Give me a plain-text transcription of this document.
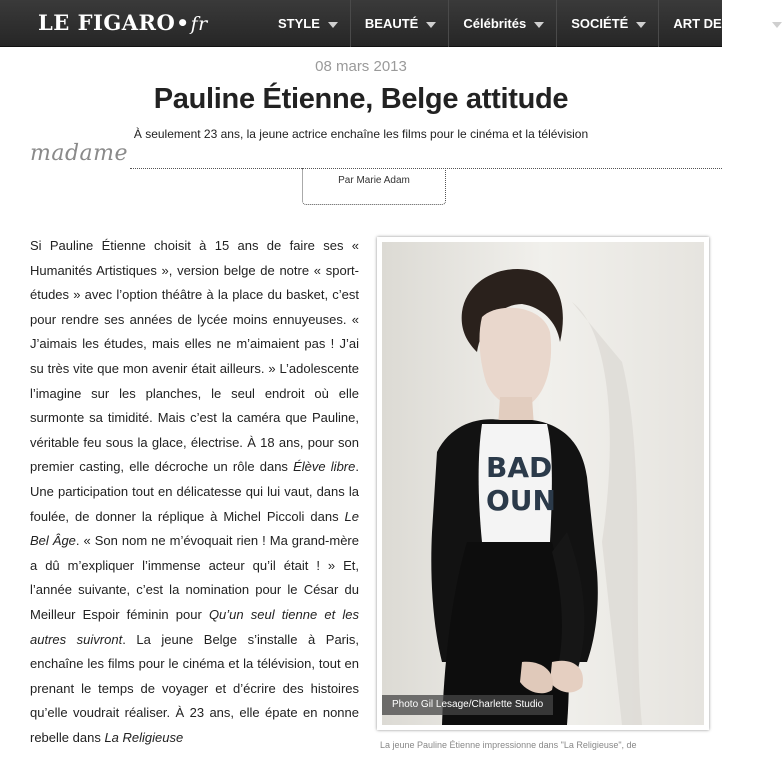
LE FIGARO•fr	STYLE	BEAUTÉ	Célébrités	SOCIÉTÉ	ART DE VIVRE
08 mars 2013
Pauline Étienne, Belge attitude
À seulement 23 ans, la jeune actrice enchaîne les films pour le cinéma et la télévision
madame
Par Marie Adam
Si Pauline Étienne choisit à 15 ans de faire ses « Humanités Artistiques », version belge de notre « sport-études » avec l’option théâtre à la place du basket, c’est pour rendre ses années de lycée moins ennuyeuses. « J’aimais les études, mais elles ne m’aimaient pas ! J’ai su très vite que mon avenir était ailleurs. » L’adolescente l’imagine sur les planches, le seul endroit où elle surmonte sa timidité. Mais c’est la caméra que Pauline, véritable feu sous la glace, électrise. À 18 ans, pour son premier casting, elle décroche un rôle dans Élève libre. Une participation tout en délicatesse qui lui vaut, dans la foulée, de donner la réplique à Michel Piccoli dans Le Bel Âge. « Son nom ne m’évoquait rien ! Ma grand-mère a dû m’expliquer l’immense acteur qu’il était ! » Et, l’année suivante, c’est la nomination pour le César du Meilleur Espoir féminin pour Qu’un seul tienne et les autres suivront. La jeune Belge s’installe à Paris, enchaîne les films pour le cinéma et la télévision, tout en prenant le temps de voyager et d’écrire des histoires qu’elle voudrait réaliser. À 23 ans, elle épate en nonne rebelle dans La Religieuse
BAD
OUN
Photo Gil Lesage/Charlette Studio
La jeune Pauline Étienne impressionne dans "La Religieuse", de
